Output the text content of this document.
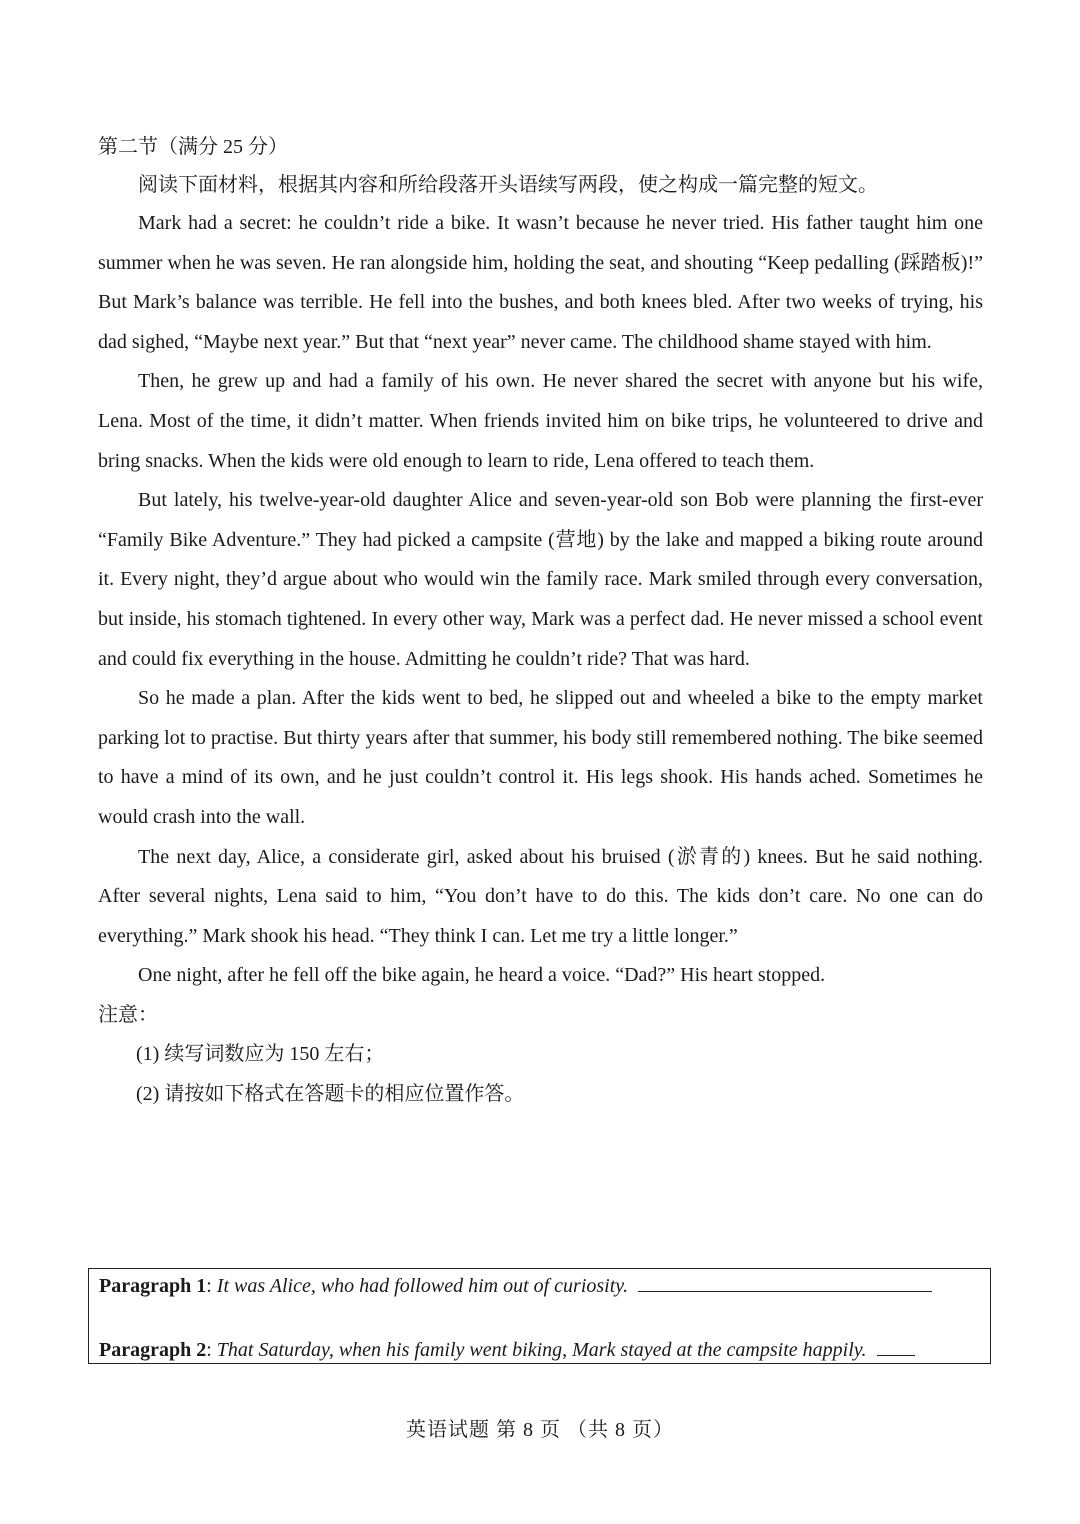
第二节（满分 25 分）
阅读下面材料，根据其内容和所给段落开头语续写两段，使之构成一篇完整的短文。

Mark had a secret: he couldn’t ride a bike. It wasn’t because he never tried. His father taught him one summer when he was seven. He ran alongside him, holding the seat, and shouting “Keep pedalling (踩踏板)!” But Mark’s balance was terrible. He fell into the bushes, and both knees bled. After two weeks of trying, his dad sighed, “Maybe next year.” But that “next year” never came. The childhood shame stayed with him.

Then, he grew up and had a family of his own. He never shared the secret with anyone but his wife, Lena. Most of the time, it didn’t matter. When friends invited him on bike trips, he volunteered to drive and bring snacks. When the kids were old enough to learn to ride, Lena offered to teach them.

But lately, his twelve-year-old daughter Alice and seven-year-old son Bob were planning the first-ever “Family Bike Adventure.” They had picked a campsite (营地) by the lake and mapped a biking route around it. Every night, they’d argue about who would win the family race. Mark smiled through every conversation, but inside, his stomach tightened. In every other way, Mark was a perfect dad. He never missed a school event and could fix everything in the house. Admitting he couldn’t ride? That was hard.

So he made a plan. After the kids went to bed, he slipped out and wheeled a bike to the empty market parking lot to practise. But thirty years after that summer, his body still remembered nothing. The bike seemed to have a mind of its own, and he just couldn’t control it. His legs shook. His hands ached. Sometimes he would crash into the wall.

The next day, Alice, a considerate girl, asked about his bruised (淤青的) knees. But he said nothing. After several nights, Lena said to him, “You don’t have to do this. The kids don’t care. No one can do everything.” Mark shook his head. “They think I can. Let me try a little longer.”

One night, after he fell off the bike again, he heard a voice. “Dad?” His heart stopped.

注意：
(1) 续写词数应为 150 左右；
(2) 请按如下格式在答题卡的相应位置作答。
Paragraph 1: It was Alice, who had followed him out of curiosity.
Paragraph 2: That Saturday, when his family went biking, Mark stayed at the campsite happily.
英语试题 第 8 页 （共 8 页）
